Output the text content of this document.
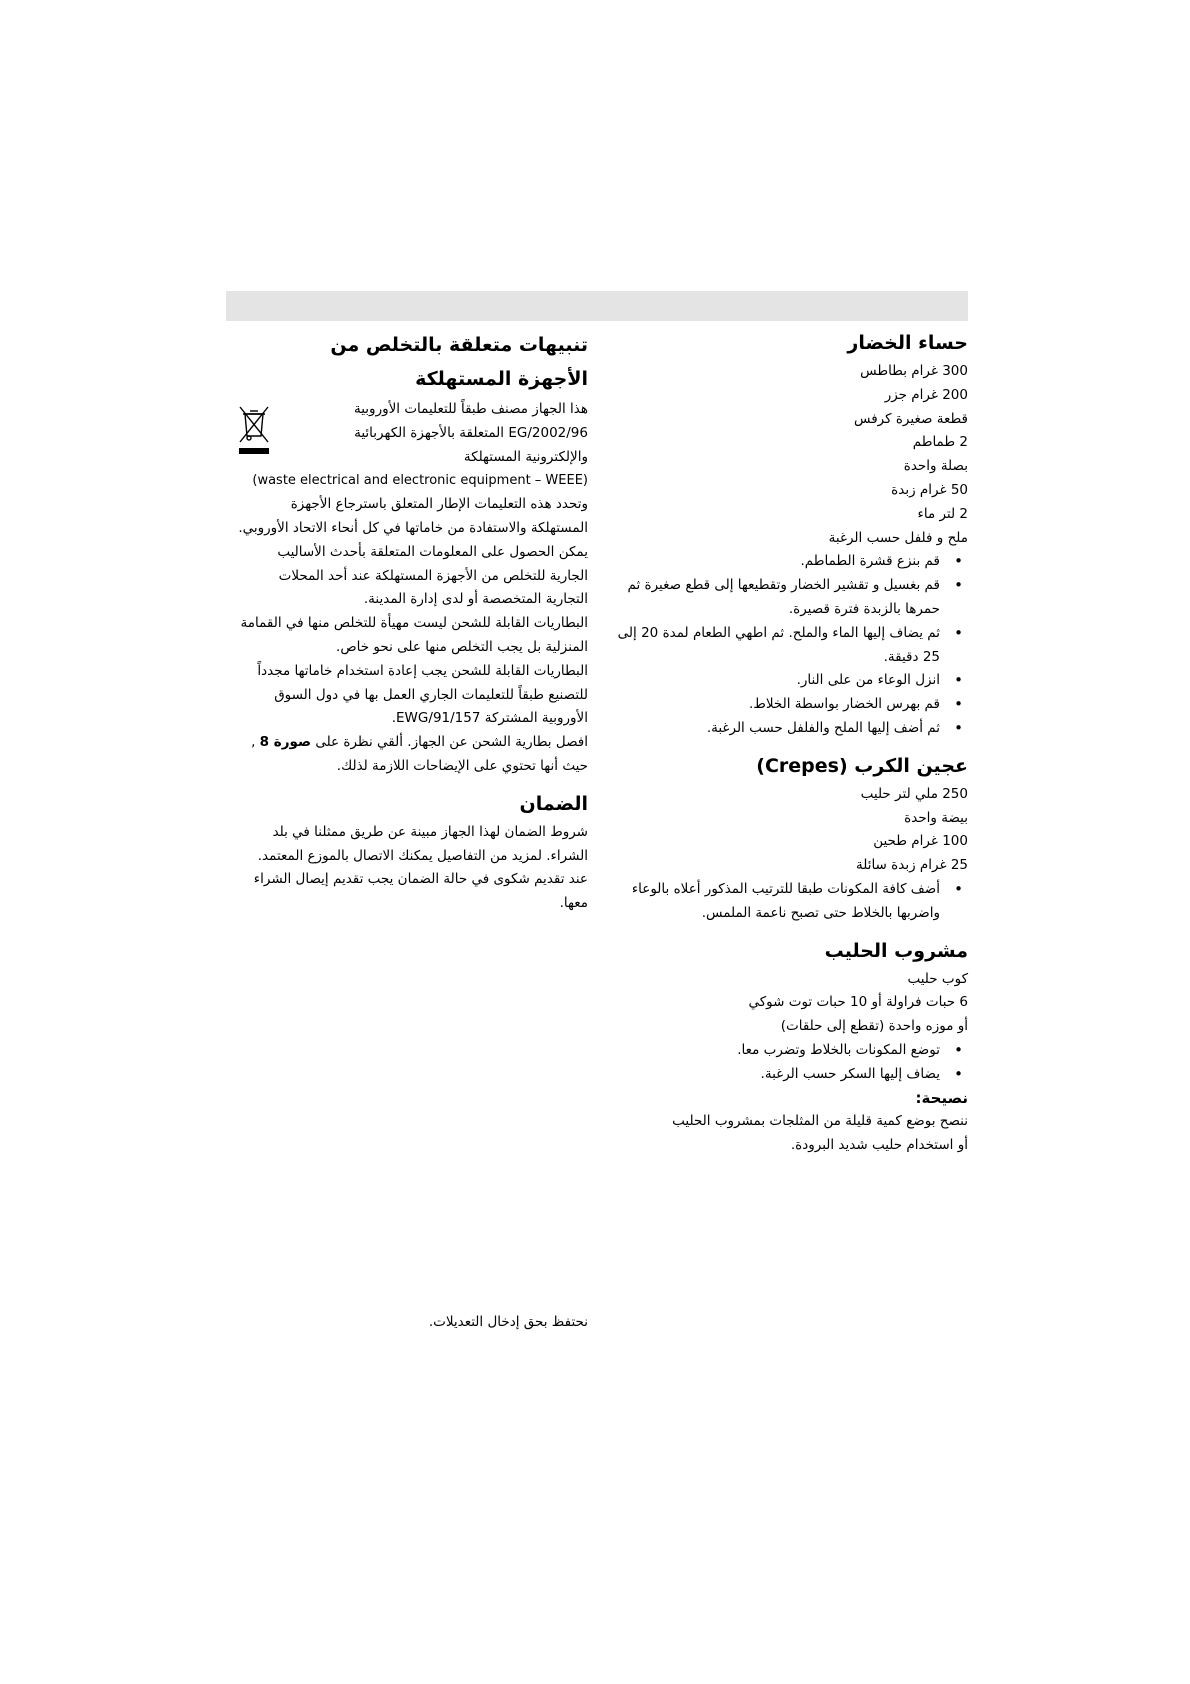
حساء الخضار

300 غرام بطاطس

200 غرام جزر

قطعة صغيرة كرفس

2 طماطم

بصلة واحدة

50 غرام زبدة

2 لتر ماء

ملح و فلفل حسب الرغبة

• قم بنزع قشرة الطماطم.
• قم بغسيل و تقشير الخضار وتقطيعها إلى قطع صغيرة ثم حمرها بالزبدة فترة قصيرة.
• ثم يضاف إليها الماء والملح. ثم اطهي الطعام لمدة 20 إلى 25 دقيقة.
• انزل الوعاء من على النار.
• قم بهرس الخضار بواسطة الخلاط.
• ثم أضف إليها الملح والفلفل حسب الرغبة.
عجين الكرب (Crepes)

250 ملي لتر حليب

بيضة واحدة

100 غرام طحين

25 غرام زبدة سائلة

• أضف كافة المكونات طبقا للترتيب المذكور أعلاه بالوعاء واضربها بالخلاط حتى تصبح ناعمة الملمس.
مشروب الحليب

كوب حليب

6 حبات فراولة أو 10 حبات توت شوكي

أو موزه واحدة (تقطع إلى حلقات)

• توضع المكونات بالخلاط وتضرب معا.
• يضاف إليها السكر حسب الرغبة.

نصيحة:

ننصح بوضع كمية قليلة من المثلجات بمشروب الحليب

أو استخدام حليب شديد البرودة.

تنبيهات متعلقة بالتخلص من
الأجهزة المستهلكة

هذا الجهاز مصنف طبقاً للتعليمات الأوروبية

2002/96/EG المتعلقة بالأجهزة الكهربائية

والإلكترونية المستهلكة

(waste electrical and electronic equipment – WEEE)

وتحدد هذه التعليمات الإطار المتعلق باسترجاع الأجهزة المستهلكة والاستفادة من خاماتها في كل أنحاء الاتحاد الأوروبي. يمكن الحصول على المعلومات المتعلقة بأحدث الأساليب الجارية للتخلص من الأجهزة المستهلكة عند أحد المحلات التجارية المتخصصة أو لدى إدارة المدينة.

البطاريات القابلة للشحن ليست مهيأة للتخلص منها في القمامة المنزلية بل يجب التخلص منها على نحو خاص.

البطاريات القابلة للشحن يجب إعادة استخدام خاماتها مجدداً للتصنيع طبقاً للتعليمات الجاري العمل بها في دول السوق الأوروبية المشتركة 91/157/EWG.

افصل بطارية الشحن عن الجهاز. ألقي نظرة على صورة 8 , حيث أنها تحتوي على الإيضاحات اللازمة لذلك.

الضمان

شروط الضمان لهذا الجهاز مبينة عن طريق ممثلنا في بلد الشراء. لمزيد من التفاصيل يمكنك الاتصال بالموزع المعتمد. عند تقديم شكوى في حالة الضمان يجب تقديم إيصال الشراء معها.

نحتفظ بحق إدخال التعديلات.
